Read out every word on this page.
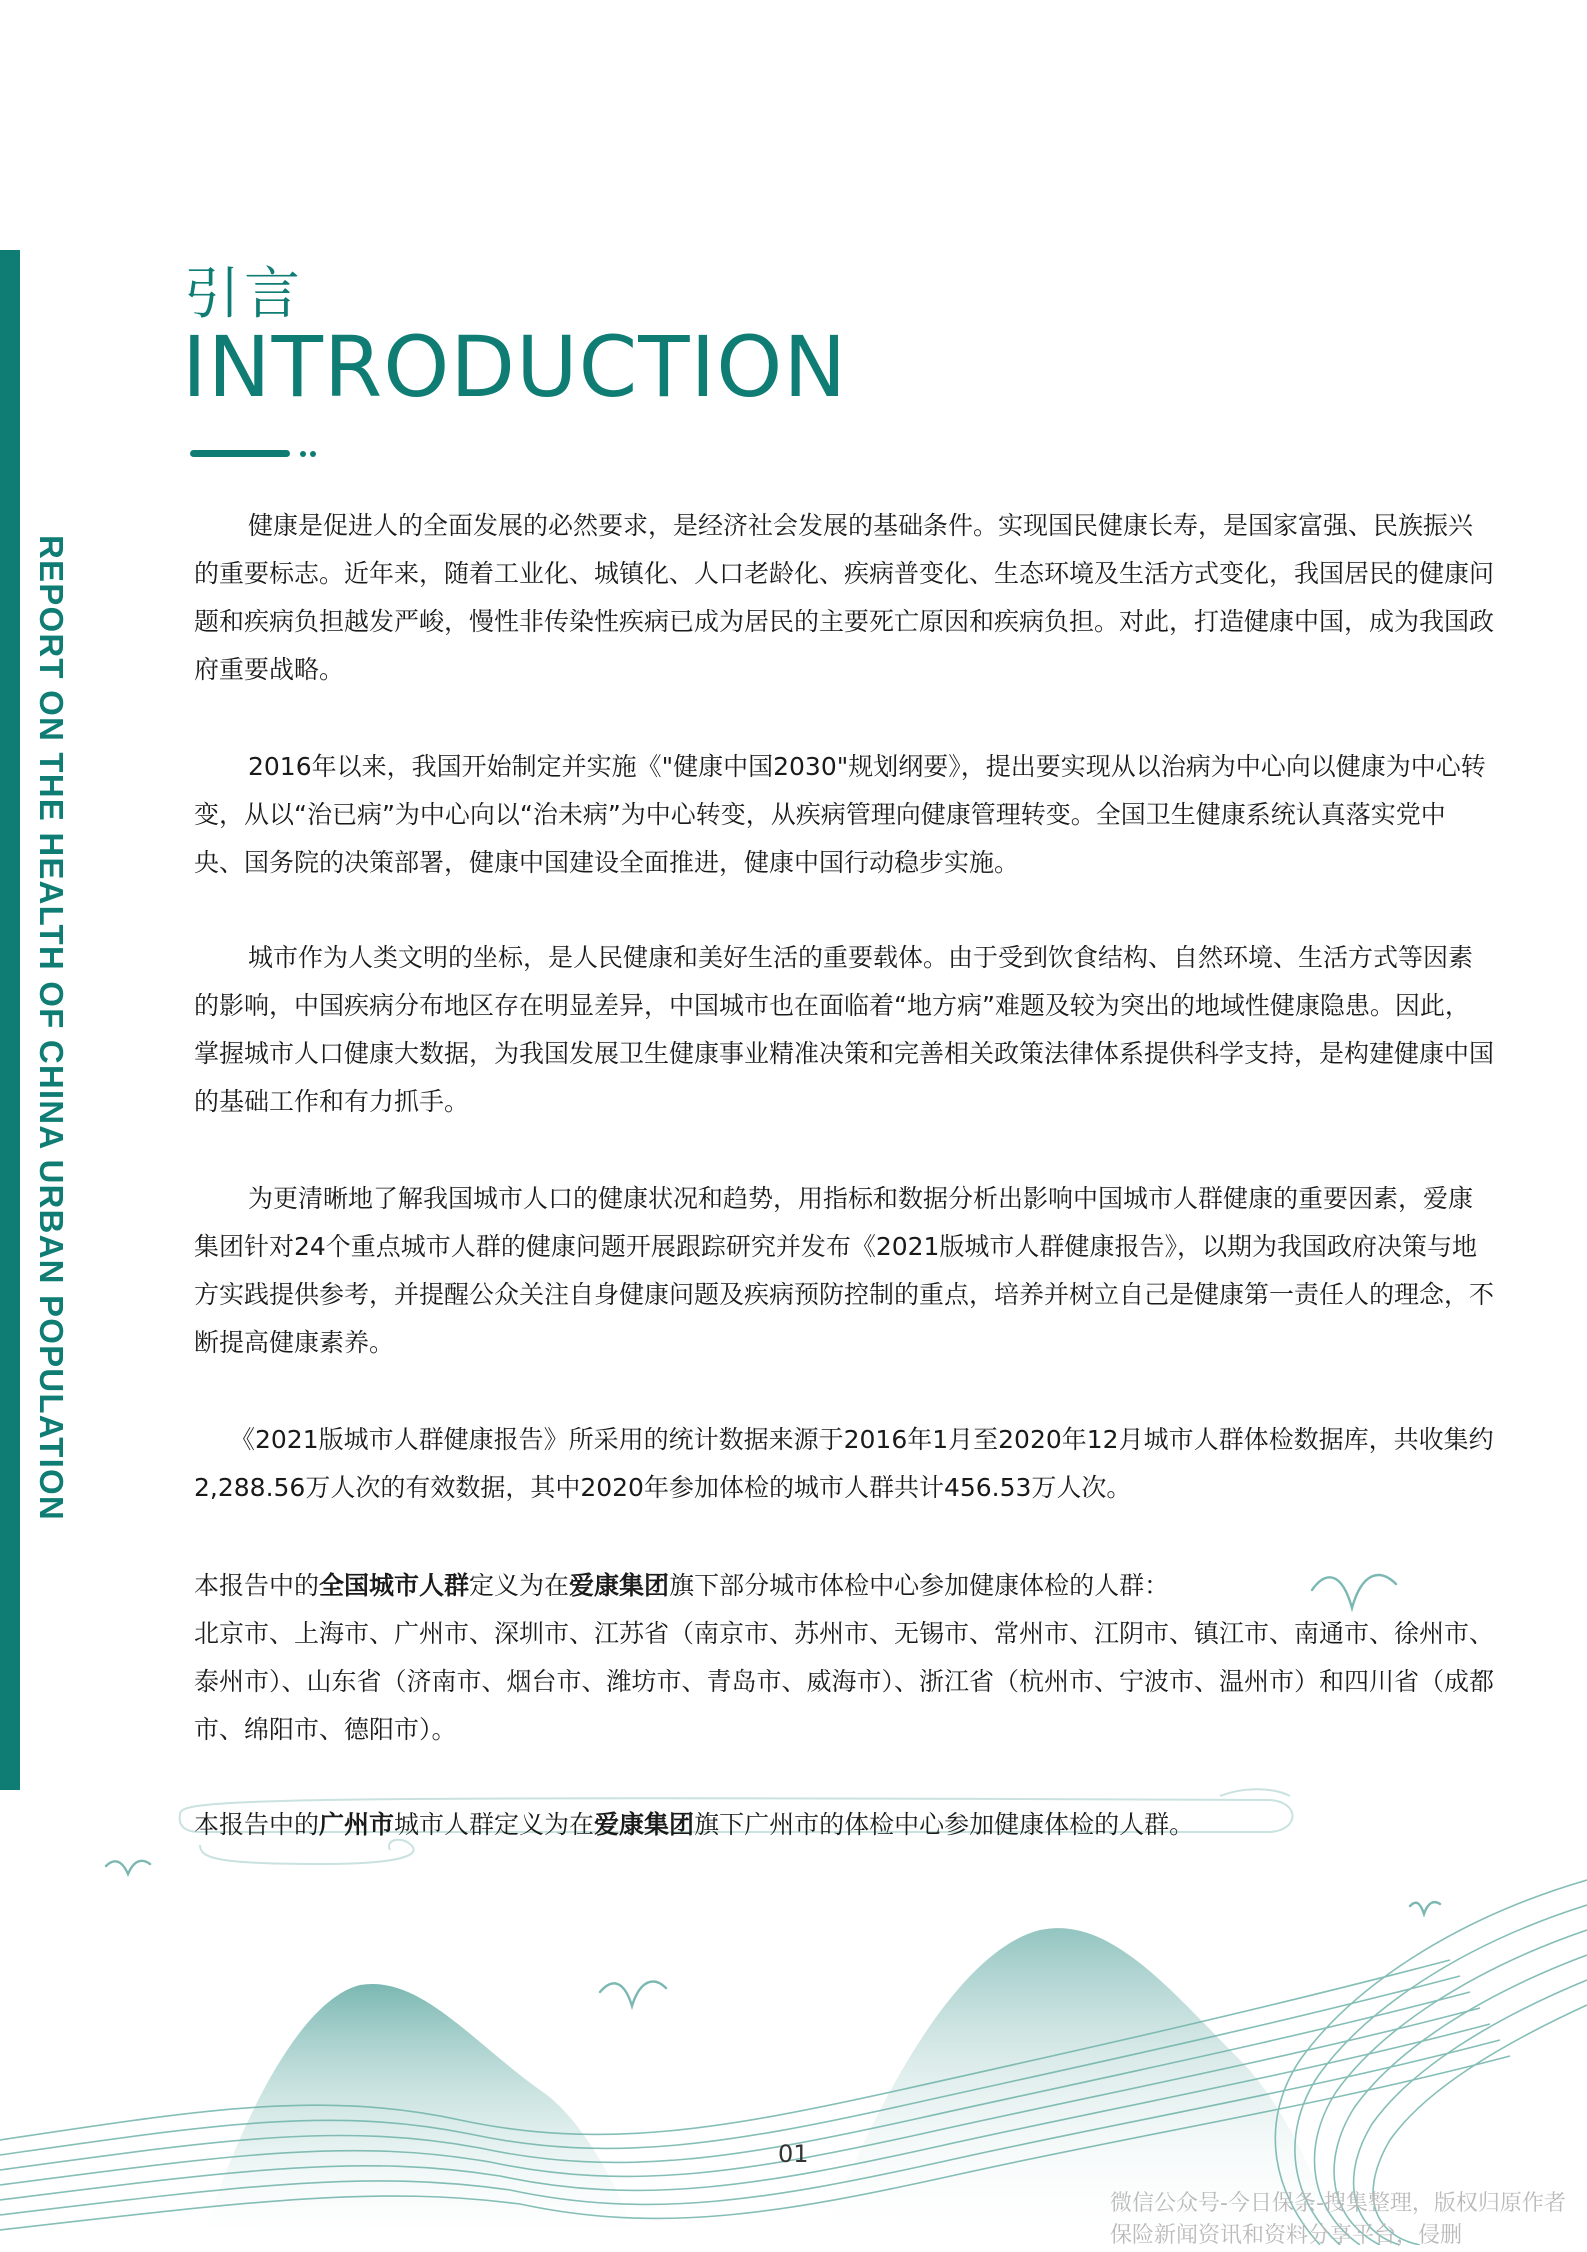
REPORT ON THE HEALTH OF CHINA URBAN POPULATION
引言
INTRODUCTION

健康是促进人的全面发展的必然要求，是经济社会发展的基础条件。实现国民健康长寿，是国家富强、民族振兴的重要标志。近年来，随着工业化、城镇化、人口老龄化、疾病普变化、生态环境及生活方式变化，我国居民的健康问题和疾病负担越发严峻，慢性非传染性疾病已成为居民的主要死亡原因和疾病负担。对此，打造健康中国，成为我国政府重要战略。

2016年以来，我国开始制定并实施《"健康中国2030"规划纲要》，提出要实现从以治病为中心向以健康为中心转变，从以“治已病”为中心向以“治未病”为中心转变，从疾病管理向健康管理转变。全国卫生健康系统认真落实党中央、国务院的决策部署，健康中国建设全面推进，健康中国行动稳步实施。

城市作为人类文明的坐标，是人民健康和美好生活的重要载体。由于受到饮食结构、自然环境、生活方式等因素的影响，中国疾病分布地区存在明显差异，中国城市也在面临着“地方病”难题及较为突出的地域性健康隐患。因此，掌握城市人口健康大数据，为我国发展卫生健康事业精准决策和完善相关政策法律体系提供科学支持，是构建健康中国的基础工作和有力抓手。

为更清晰地了解我国城市人口的健康状况和趋势，用指标和数据分析出影响中国城市人群健康的重要因素，爱康集团针对24个重点城市人群的健康问题开展跟踪研究并发布《2021版城市人群健康报告》，以期为我国政府决策与地方实践提供参考，并提醒公众关注自身健康问题及疾病预防控制的重点，培养并树立自己是健康第一责任人的理念，不断提高健康素养。

《2021版城市人群健康报告》所采用的统计数据来源于2016年1月至2020年12月城市人群体检数据库，共收集约2,288.56万人次的有效数据，其中2020年参加体检的城市人群共计456.53万人次。

本报告中的全国城市人群定义为在爱康集团旗下部分城市体检中心参加健康体检的人群：
北京市、上海市、广州市、深圳市、江苏省（南京市、苏州市、无锡市、常州市、江阴市、镇江市、南通市、徐州市、泰州市）、山东省（济南市、烟台市、潍坊市、青岛市、威海市）、浙江省（杭州市、宁波市、温州市）和四川省（成都市、绵阳市、德阳市）。

本报告中的广州市城市人群定义为在爱康集团旗下广州市的体检中心参加健康体检的人群。

01
微信公众号-今日保条-搜集整理，版权归原作者
保险新闻资讯和资料分享平台，侵删
